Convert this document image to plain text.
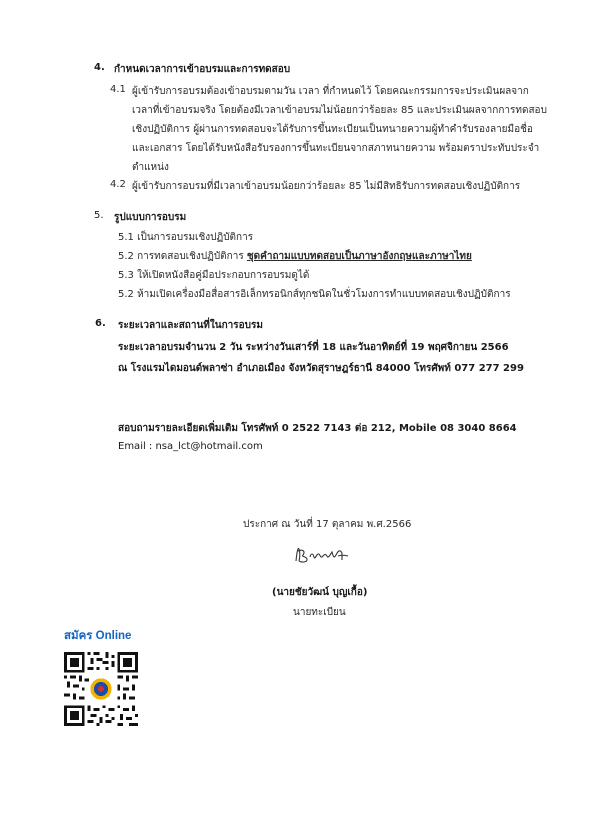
4. กำหนดเวลาการเข้าอบรมและการทดสอบ
4.1 ผู้เข้ารับการอบรมต้องเข้าอบรมตามวัน เวลา ที่กำหนดไว้ โดยคณะกรรมการจะประเมินผลจาก
เวลาที่เข้าอบรมจริง โดยต้องมีเวลาเข้าอบรมไม่น้อยกว่าร้อยละ 85 และประเมินผลจากการทดสอบ
เชิงปฏิบัติการ ผู้ผ่านการทดสอบจะได้รับการขึ้นทะเบียนเป็นทนายความผู้ทำคำรับรองลายมือชื่อ
และเอกสาร โดยได้รับหนังสือรับรองการขึ้นทะเบียนจากสภาทนายความ พร้อมตราประทับประจำ
ตำแหน่ง
4.2 ผู้เข้ารับการอบรมที่มีเวลาเข้าอบรมน้อยกว่าร้อยละ 85 ไม่มีสิทธิรับการทดสอบเชิงปฏิบัติการ
5. รูปแบบการอบรม
5.1 เป็นการอบรมเชิงปฏิบัติการ
5.2 การทดสอบเชิงปฏิบัติการ ชุดคำถามแบบทดสอบเป็นภาษาอังกฤษและภาษาไทย
5.3 ให้เปิดหนังสือคู่มือประกอบการอบรมดูได้
5.2 ห้ามเปิดเครื่องมือสื่อสารอิเล็กทรอนิกส์ทุกชนิดในชั่วโมงการทำแบบทดสอบเชิงปฏิบัติการ
6. ระยะเวลาและสถานที่ในการอบรม
ระยะเวลาอบรมจำนวน 2 วัน ระหว่างวันเสาร์ที่ 18 และวันอาทิตย์ที่ 19 พฤศจิกายน 2566
ณ โรงแรมไดมอนด์พลาซ่า อำเภอเมือง จังหวัดสุราษฎร์ธานี 84000 โทรศัพท์ 077 277 299
สอบถามรายละเอียดเพิ่มเติม โทรศัพท์ 0 2522 7143 ต่อ 212, Mobile 08 3040 8664
Email : nsa_lct@hotmail.com
ประกาศ ณ วันที่ 17 ตุลาคม พ.ศ.2566
(นายชัยวัฒน์ บุญเกื้อ)
นายทะเบียน
สมัคร Online
